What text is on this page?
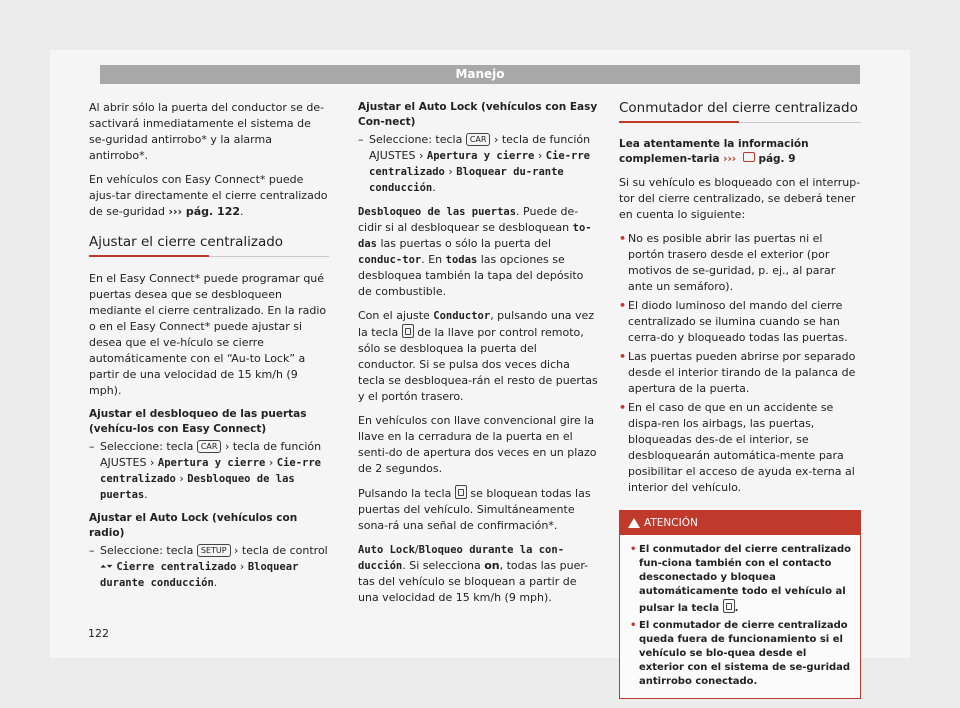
Manejo

Al abrir sólo la puerta del conductor se de-sactivará inmediatamente el sistema de se-guridad antirrobo* y la alarma antirrobo*.

En vehículos con Easy Connect* puede ajus-tar directamente el cierre centralizado de se-guridad ››› pág. 122.

Ajustar el cierre centralizado

En el Easy Connect* puede programar qué puertas desea que se desbloqueen mediante el cierre centralizado. En la radio o en el Easy Connect* puede ajustar si desea que el ve-hículo se cierre automáticamente con el “Au-to Lock” a partir de una velocidad de 15 km/h (9 mph).

Ajustar el desbloqueo de las puertas (vehícu-los con Easy Connect)
– Seleccione: tecla CAR › tecla de función AJUSTES › Apertura y cierre › Cie-rre centralizado › Desbloqueo de las puertas.
Ajustar el Auto Lock (vehículos con radio)
– Seleccione: tecla SETUP › tecla de control ⏶⏷ Cierre centralizado › Bloquear durante conducción.
Ajustar el Auto Lock (vehículos con Easy Con-nect)
– Seleccione: tecla CAR › tecla de función AJUSTES › Apertura y cierre › Cie-rre centralizado › Bloquear du-rante conducción.

Desbloqueo de las puertas. Puede de-cidir si al desbloquear se desbloquean to-das las puertas o sólo la puerta del conduc-tor. En todas las opciones se desbloquea también la tapa del depósito de combustible.

Con el ajuste Conductor, pulsando una vez la tecla de la llave por control remoto, sólo se desbloquea la puerta del conductor. Si se pulsa dos veces dicha tecla se desbloquea-rán el resto de puertas y el portón trasero.

En vehículos con llave convencional gire la llave en la cerradura de la puerta en el senti-do de apertura dos veces en un plazo de 2 segundos.

Pulsando la tecla se bloquean todas las puertas del vehículo. Simultáneamente sona-rá una señal de confirmación*.

Auto Lock/Bloqueo durante la con-ducción. Si selecciona on, todas las puer-tas del vehículo se bloquean a partir de una velocidad de 15 km/h (9 mph).

Conmutador del cierre centralizado

Lea atentamente la información complemen-taria ››› pág. 9

Si su vehículo es bloqueado con el interrup-tor del cierre centralizado, se deberá tener en cuenta lo siguiente:

• No es posible abrir las puertas ni el portón trasero desde el exterior (por motivos de se-guridad, p. ej., al parar ante un semáforo).
• El diodo luminoso del mando del cierre centralizado se ilumina cuando se han cerra-do y bloqueado todas las puertas.
• Las puertas pueden abrirse por separado desde el interior tirando de la palanca de apertura de la puerta.
• En el caso de que en un accidente se dispa-ren los airbags, las puertas, bloqueadas des-de el interior, se desbloquearán automática-mente para posibilitar el acceso de ayuda ex-terna al interior del vehículo.
!
ATENCIÓN
• El conmutador del cierre centralizado fun-ciona también con el contacto desconectado y bloquea automáticamente todo el vehículo al pulsar la tecla .
• El conmutador de cierre centralizado queda fuera de funcionamiento si el vehículo se blo-quea desde el exterior con el sistema de se-guridad antirrobo conectado.
122
